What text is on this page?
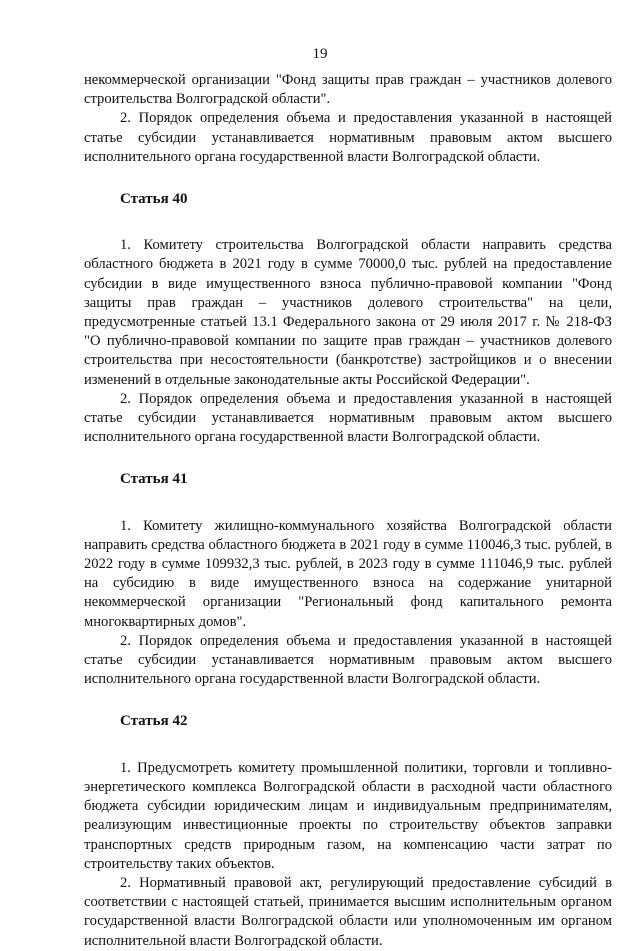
19

некоммерческой организации "Фонд защиты прав граждан – участников долевого строительства Волгоградской области".

2. Порядок определения объема и предоставления указанной в настоящей статье субсидии устанавливается нормативным правовым актом высшего исполнительного органа государственной власти Волгоградской области.

Статья 40

1. Комитету строительства Волгоградской области направить средства областного бюджета в 2021 году в сумме 70000,0 тыс. рублей на предоставление субсидии в виде имущественного взноса публично-правовой компании "Фонд защиты прав граждан – участников долевого строительства" на цели, предусмотренные статьей 13.1 Федерального закона от 29 июля 2017 г. № 218-ФЗ "О публично-правовой компании по защите прав граждан – участников долевого строительства при несостоятельности (банкротстве) застройщиков и о внесении изменений в отдельные законодательные акты Российской Федерации".

2. Порядок определения объема и предоставления указанной в настоящей статье субсидии устанавливается нормативным правовым актом высшего исполнительного органа государственной власти Волгоградской области.

Статья 41

1. Комитету жилищно-коммунального хозяйства Волгоградской области направить средства областного бюджета в 2021 году в сумме 110046,3 тыс. рублей, в 2022 году в сумме 109932,3 тыс. рублей, в 2023 году в сумме 111046,9 тыс. рублей на субсидию в виде имущественного взноса на содержание унитарной некоммерческой организации "Региональный фонд капитального ремонта многоквартирных домов".

2. Порядок определения объема и предоставления указанной в настоящей статье субсидии устанавливается нормативным правовым актом высшего исполнительного органа государственной власти Волгоградской области.

Статья 42

1. Предусмотреть комитету промышленной политики, торговли и топливно-энергетического комплекса Волгоградской области в расходной части областного бюджета субсидии юридическим лицам и индивидуальным предпринимателям, реализующим инвестиционные проекты по строительству объектов заправки транспортных средств природным газом, на компенсацию части затрат по строительству таких объектов.

2. Нормативный правовой акт, регулирующий предоставление субсидий в соответствии с настоящей статьей, принимается высшим исполнительным органом государственной власти Волгоградской области или уполномоченным им органом исполнительной власти Волгоградской области.
